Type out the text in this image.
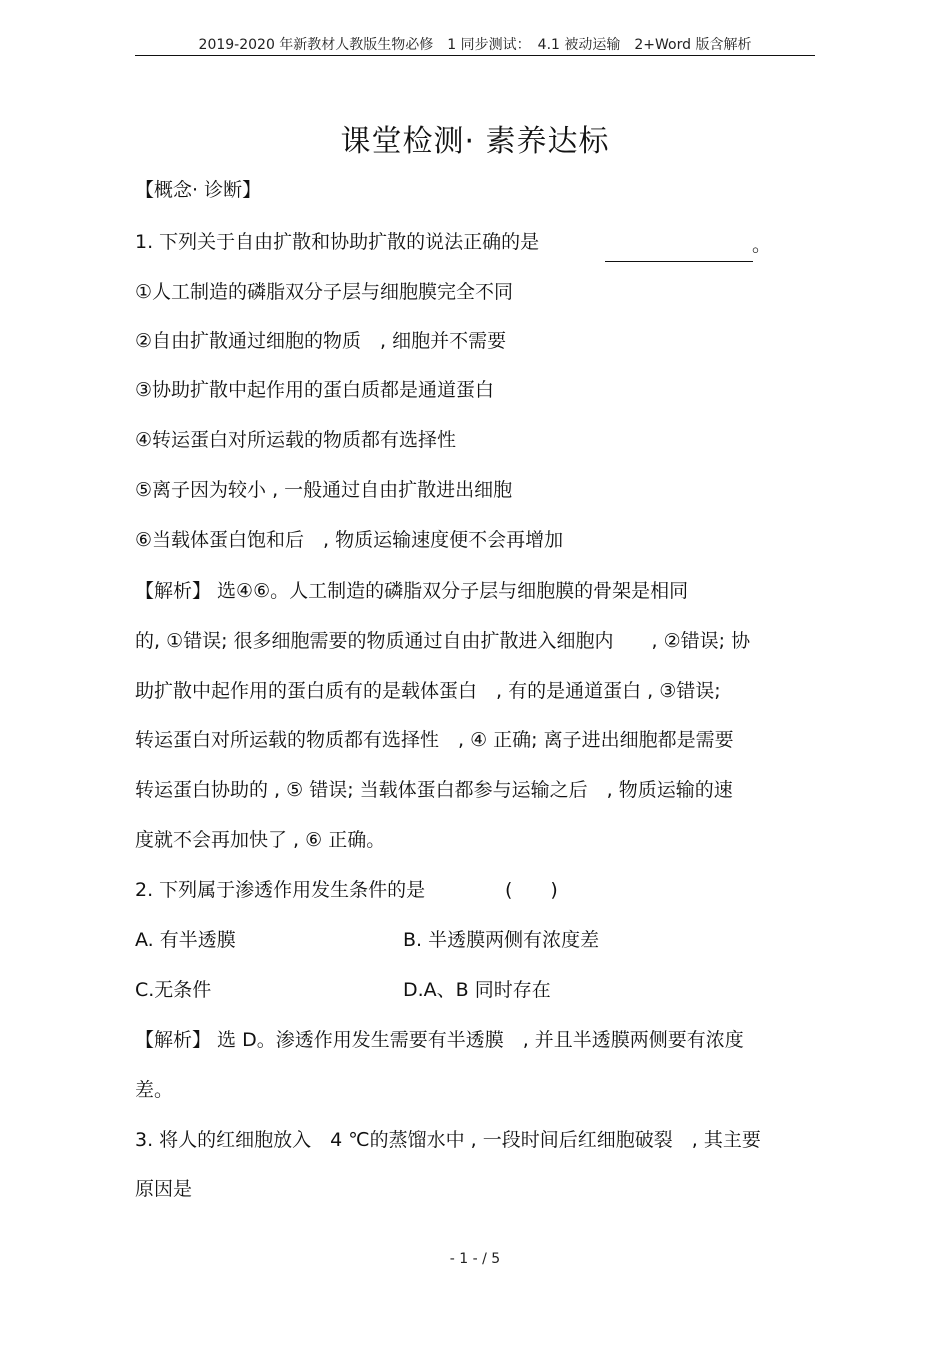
2019-2020 年新教材人教版生物必修　1 同步测试：　4.1 被动运输　2+Word 版含解析
课堂检测· 素养达标
【概念· 诊断】
1. 下列关于自由扩散和协助扩散的说法正确的是	。
①人工制造的磷脂双分子层与细胞膜完全不同
②自由扩散通过细胞的物质　, 细胞并不需要
③协助扩散中起作用的蛋白质都是通道蛋白
④转运蛋白对所运载的物质都有选择性
⑤离子因为较小 , 一般通过自由扩散进出细胞
⑥当载体蛋白饱和后　, 物质运输速度便不会再增加
【解析】 选④⑥。人工制造的磷脂双分子层与细胞膜的骨架是相同
的, ①错误; 很多细胞需要的物质通过自由扩散进入细胞内　　, ②错误; 协
助扩散中起作用的蛋白质有的是载体蛋白　, 有的是通道蛋白 , ③错误;
转运蛋白对所运载的物质都有选择性　, ④ 正确; 离子进出细胞都是需要
转运蛋白协助的 , ⑤ 错误; 当载体蛋白都参与运输之后　, 物质运输的速
度就不会再加快了 , ⑥ 正确。
2. 下列属于渗透作用发生条件的是	(　　)
A. 有半透膜	B. 半透膜两侧有浓度差
C.无条件	D.A、B 同时存在
【解析】 选 D。渗透作用发生需要有半透膜　, 并且半透膜两侧要有浓度
差。
3. 将人的红细胞放入　4 ℃的蒸馏水中 , 一段时间后红细胞破裂　, 其主要
原因是
- 1 - / 5
